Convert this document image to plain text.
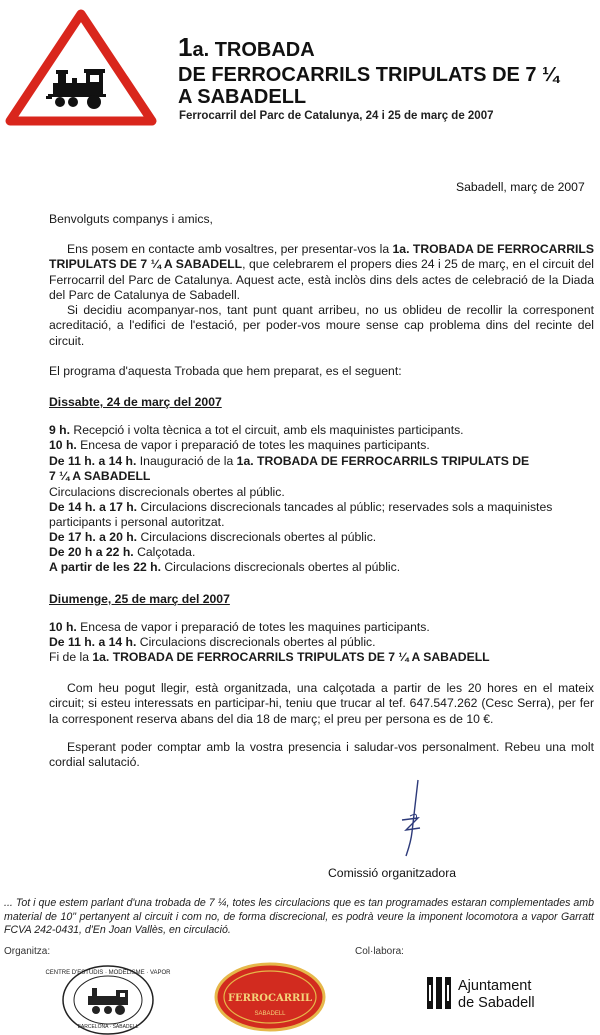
1a. TROBADA
DE FERROCARRILS TRIPULATS DE 7 ¼
A SABADELL
Ferrocarril del Parc de Catalunya, 24 i 25 de març de 2007
Sabadell, març de 2007
Benvolguts companys i amics,
Ens posem en contacte amb vosaltres, per presentar-vos la 1a. TROBADA DE FERROCARRILS TRIPULATS DE 7 ¼ A SABADELL, que celebrarem el propers dies 24 i 25 de març, en el circuit del Ferrocarril del Parc de Catalunya. Aquest acte, està inclòs dins dels actes de celebració de la Diada del Parc de Catalunya de Sabadell.
Si decidiu acompanyar-nos, tant punt quant arribeu, no us oblideu de recollir la corresponent acreditació, a l'edifici de l'estació, per poder-vos moure sense cap problema dins del recinte del circuit.
El programa d'aquesta Trobada que hem preparat, es el seguent:
Dissabte, 24 de març del 2007
9 h. Recepció i volta tècnica a tot el circuit, amb els maquinistes participants.
10 h. Encesa de vapor i preparació de totes les maquines participants.
De 11 h. a 14 h. Inauguració de la 1a. TROBADA DE FERROCARRILS TRIPULATS DE
7 ¼ A SABADELL
Circulacions discrecionals obertes al públic.
De 14 h. a 17 h. Circulacions discrecionals tancades al públic; reservades sols a maquinistes
participants i personal autoritzat.
De 17 h. a 20 h. Circulacions discrecionals obertes al públic.
De 20 h a 22 h. Calçotada.
A partir de les 22 h. Circulacions discrecionals obertes al públic.
Diumenge, 25 de març del 2007
10 h. Encesa de vapor i preparació de totes les maquines participants.
De 11 h. a 14 h. Circulacions discrecionals obertes al públic.
Fi de la 1a. TROBADA DE FERROCARRILS TRIPULATS DE 7 ¼ A SABADELL
Com heu pogut llegir, està organitzada, una calçotada a partir de les 20 hores en el mateix circuit; si esteu interessats en participar-hi, teniu que trucar al tef. 647.547.262 (Cesc Serra), per fer la corresponent reserva abans del dia 18 de març; el preu per persona es de 10 €.
Esperant poder comptar amb la vostra presencia i saludar-vos personalment. Rebeu una molt cordial salutació.
Comissió organitzadora
... Tot i que estem parlant d'una trobada de 7 ¼, totes les circulacions que es tan programades estaran complementades amb material de 10" pertanyent al circuit i com no, de forma discrecional, es podrà veure la imponent locomotora a vapor Garratt FCVA 242-0431, d'En Joan Vallès, en circulació.
Organitza:	Col·labora:
CENTRE D'ESTUDIS · MODELISME · VAPOR
BARCELONA · SABADELL
FERROCARRIL
SABADELL
Ajuntament
de Sabadell
